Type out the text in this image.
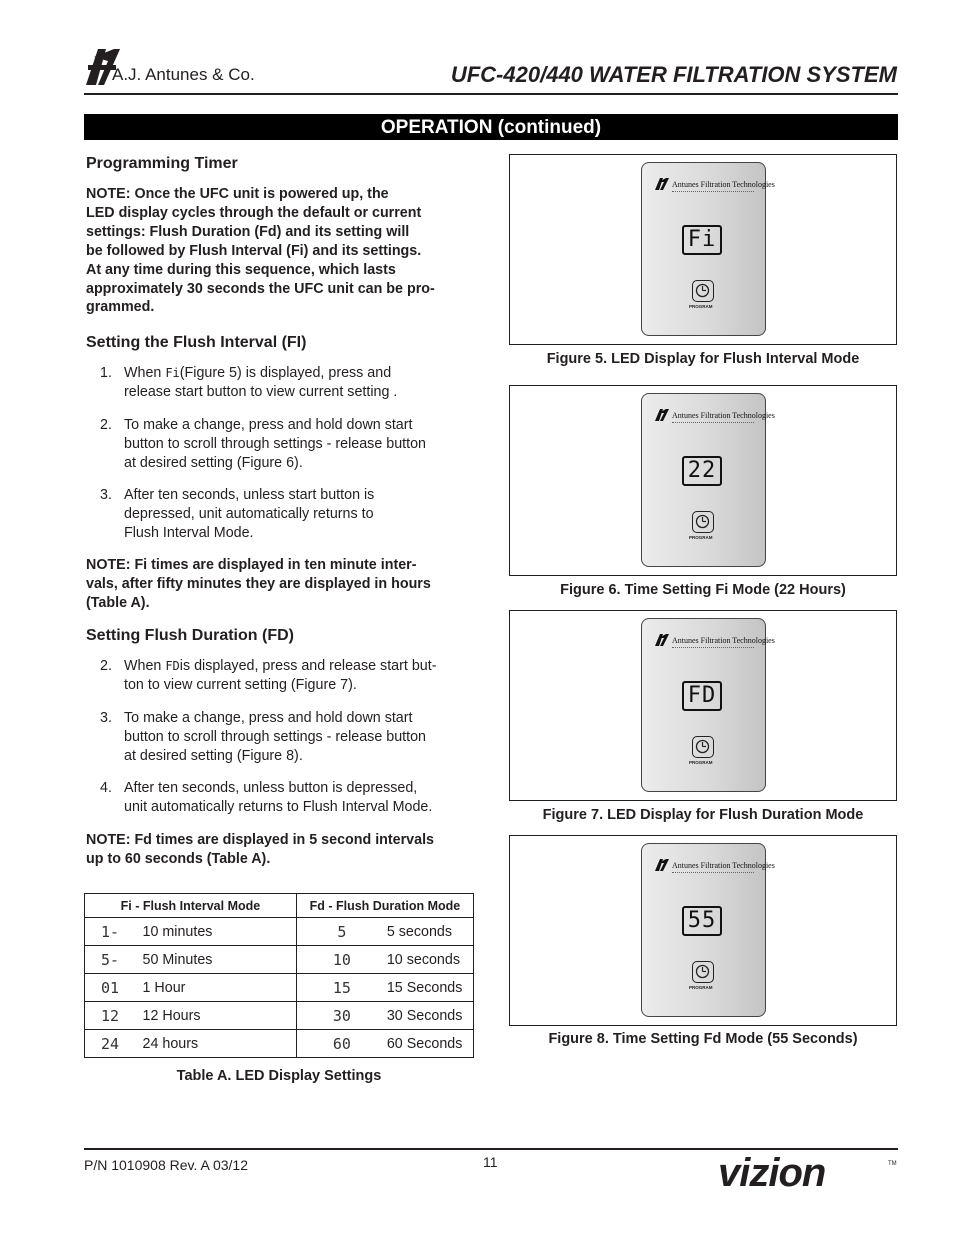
A.J. Antunes & Co.	UFC-420/440 WATER FILTRATION SYSTEM
OPERATION (continued)
Programming Timer
NOTE: Once the UFC unit is powered up, the
LED display cycles through the default or current
settings: Flush Duration (Fd) and its setting will
be followed by Flush Interval (Fi) and its settings.
At any time during this sequence, which lasts
approximately 30 seconds the UFC unit can be pro-
grammed.
Setting the Flush Interval (FI)
1. When Fi(Figure 5) is displayed, press and
release start button to view current setting .
2. To make a change, press and hold down start
button to scroll through settings - release button
at desired setting (Figure 6).
3. After ten seconds, unless start button is
depressed, unit automatically returns to
Flush Interval Mode.
NOTE: Fi times are displayed in ten minute inter-
vals, after fifty minutes they are displayed in hours
(Table A).
Setting Flush Duration (FD)
2. When FDis displayed, press and release start but-
ton to view current setting (Figure 7).
3. To make a change, press and hold down start
button to scroll through settings - release button
at desired setting (Figure 8).
4. After ten seconds, unless button is depressed,
unit automatically returns to Flush Interval Mode.
NOTE: Fd times are displayed in 5 second intervals
up to 60 seconds (Table A).
Fi - Flush Interval Mode		Fd - Flush Duration Mode	
1-	10 minutes	5	5 seconds
5-	50 Minutes	10	10 seconds
01	1 Hour	15	15 Seconds
12	12 Hours	30	30 Seconds
24	24 hours	60	60 Seconds
Table A. LED Display Settings
Antunes Filtration Technologies
Fi
PROGRAM
Figure 5. LED Display for Flush Interval Mode
Antunes Filtration Technologies
22
PROGRAM
Figure 6. Time Setting Fi Mode (22 Hours)
Antunes Filtration Technologies
FD
PROGRAM
Figure 7. LED Display for Flush Duration Mode
Antunes Filtration Technologies
55
PROGRAM
Figure 8. Time Setting Fd Mode (55 Seconds)
P/N 1010908 Rev. A 03/12	11	vizion	TM
